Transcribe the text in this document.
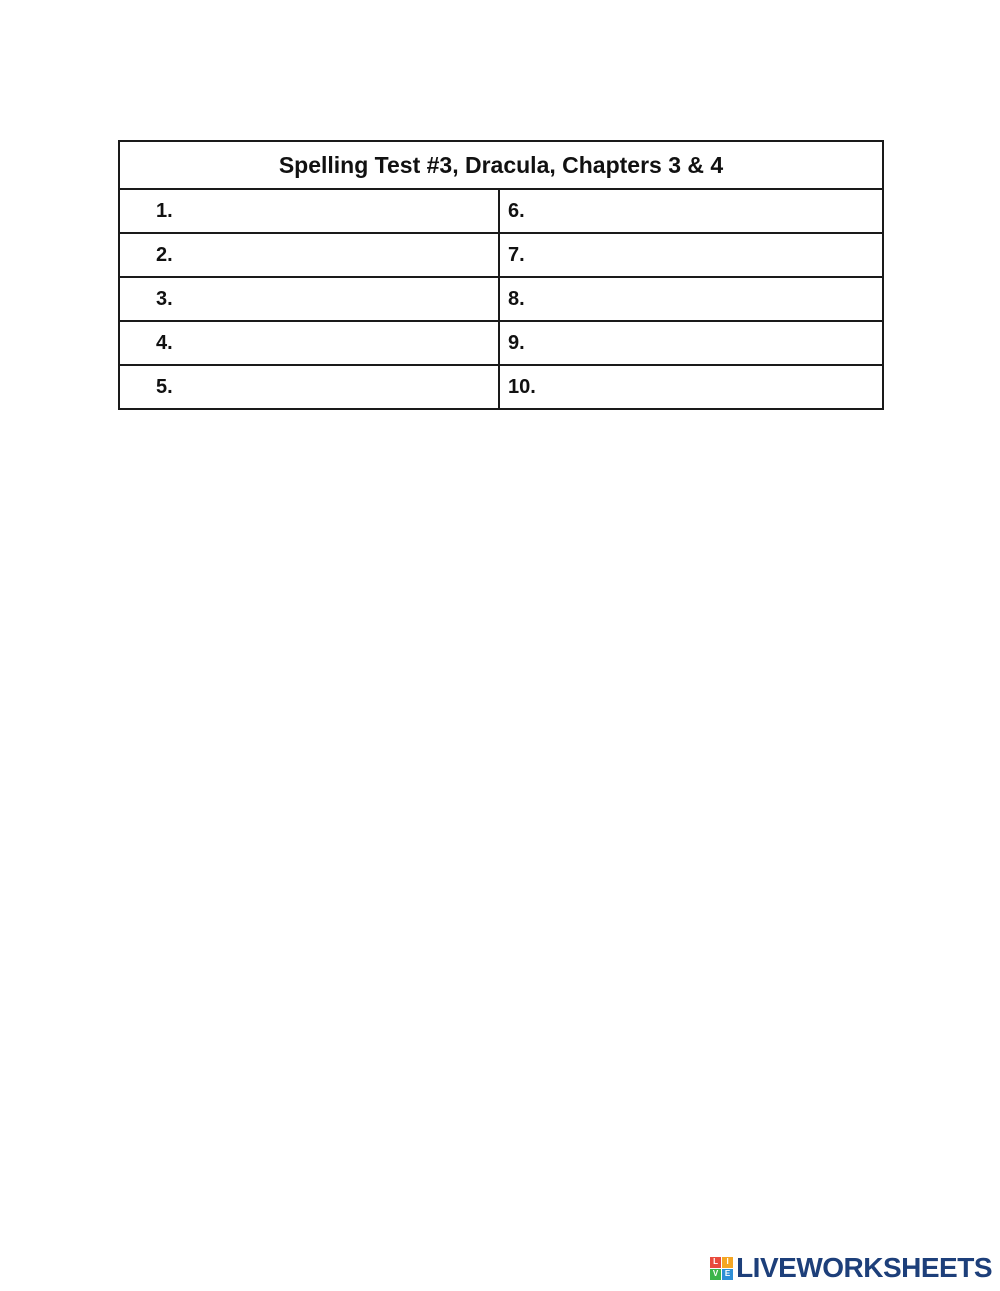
Spelling Test #3, Dracula, Chapters 3 & 4	
1.	6.
2.	7.
3.	8.
4.	9.
5.	10.
L	I
V E LIVEWORKSHEETS
